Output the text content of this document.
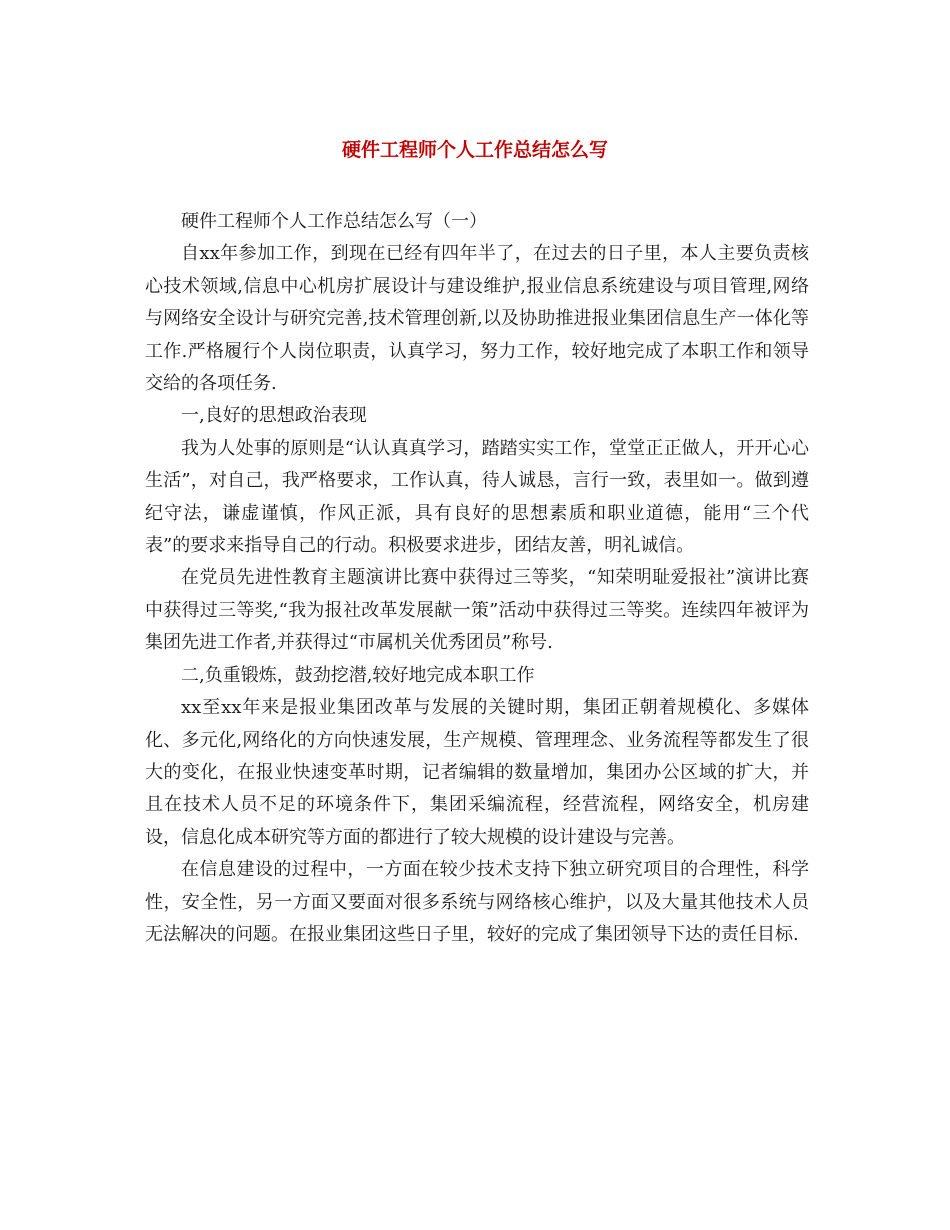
硬件工程师个人工作总结怎么写

硬件工程师个人工作总结怎么写（一）

自xx年参加工作，到现在已经有四年半了，在过去的日子里，本人主要负责核心技术领域,信息中心机房扩展设计与建设维护,报业信息系统建设与项目管理,网络与网络安全设计与研究完善,技术管理创新,以及协助推进报业集团信息生产一体化等工作.严格履行个人岗位职责，认真学习，努力工作，较好地完成了本职工作和领导交给的各项任务.

一,良好的思想政治表现

我为人处事的原则是“认认真真学习，踏踏实实工作，堂堂正正做人，开开心心生活”，对自己，我严格要求，工作认真，待人诚恳，言行一致，表里如一。做到遵纪守法，谦虚谨慎，作风正派，具有良好的思想素质和职业道德，能用“三个代表”的要求来指导自己的行动。积极要求进步，团结友善，明礼诚信。

在党员先进性教育主题演讲比赛中获得过三等奖，“知荣明耻爱报社”演讲比赛中获得过三等奖,“我为报社改革发展献一策”活动中获得过三等奖。连续四年被评为集团先进工作者,并获得过“市属机关优秀团员”称号.

二,负重锻炼，鼓劲挖潜,较好地完成本职工作

xx至xx年来是报业集团改革与发展的关键时期，集团正朝着规模化、多媒体化、多元化,网络化的方向快速发展，生产规模、管理理念、业务流程等都发生了很大的变化，在报业快速变革时期，记者编辑的数量增加，集团办公区域的扩大，并且在技术人员不足的环境条件下，集团采编流程，经营流程，网络安全，机房建设，信息化成本研究等方面的都进行了较大规模的设计建设与完善。

在信息建设的过程中，一方面在较少技术支持下独立研究项目的合理性，科学性，安全性，另一方面又要面对很多系统与网络核心维护，以及大量其他技术人员无法解决的问题。在报业集团这些日子里，较好的完成了集团领导下达的责任目标.
